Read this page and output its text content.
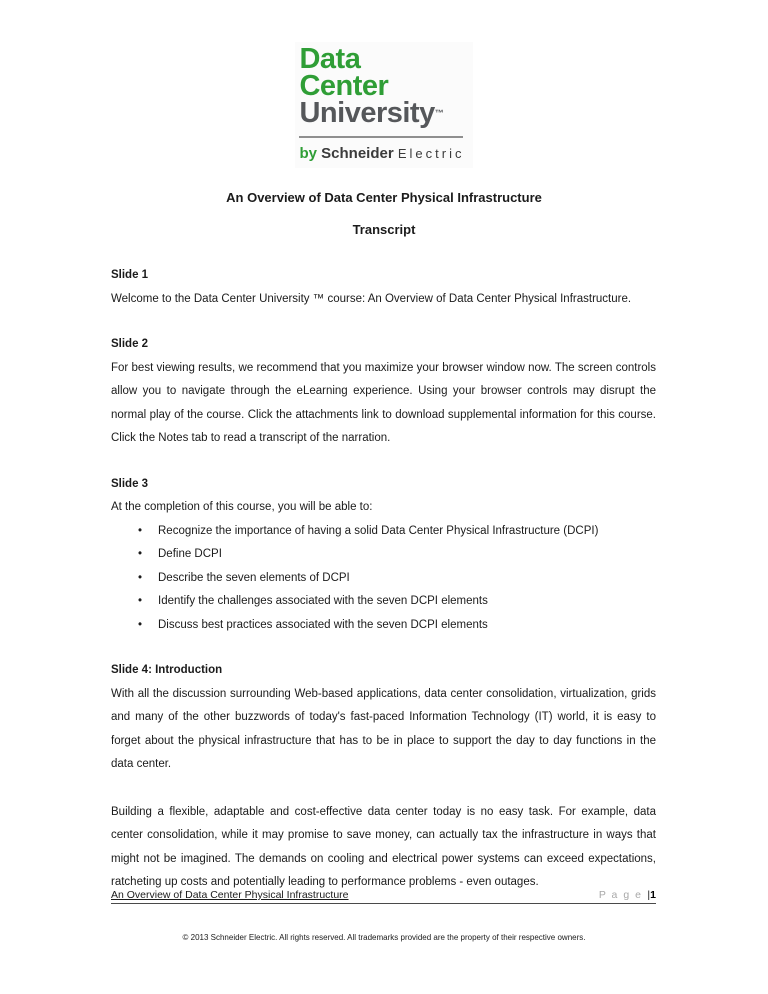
Data
Center
University™
by Schneider Electric
An Overview of Data Center Physical Infrastructure
Transcript
Slide 1

Welcome to the Data Center University ™ course: An Overview of Data Center Physical Infrastructure.

Slide 2

For best viewing results, we recommend that you maximize your browser window now. The screen controls allow you to navigate through the eLearning experience. Using your browser controls may disrupt the normal play of the course. Click the attachments link to download supplemental information for this course. Click the Notes tab to read a transcript of the narration.

Slide 3

At the completion of this course, you will be able to:

• Recognize the importance of having a solid Data Center Physical Infrastructure (DCPI)
• Define DCPI
• Describe the seven elements of DCPI
• Identify the challenges associated with the seven DCPI elements
• Discuss best practices associated with the seven DCPI elements
Slide 4: Introduction

With all the discussion surrounding Web-based applications, data center consolidation, virtualization, grids and many of the other buzzwords of today's fast-paced Information Technology (IT) world, it is easy to forget about the physical infrastructure that has to be in place to support the day to day functions in the data center.

Building a flexible, adaptable and cost-effective data center today is no easy task. For example, data center consolidation, while it may promise to save money, can actually tax the infrastructure in ways that might not be imagined. The demands on cooling and electrical power systems can exceed expectations, ratcheting up costs and potentially leading to performance problems - even outages.

An Overview of Data Center Physical Infrastructure	P a g e |1
© 2013 Schneider Electric. All rights reserved. All trademarks provided are the property of their respective owners.
